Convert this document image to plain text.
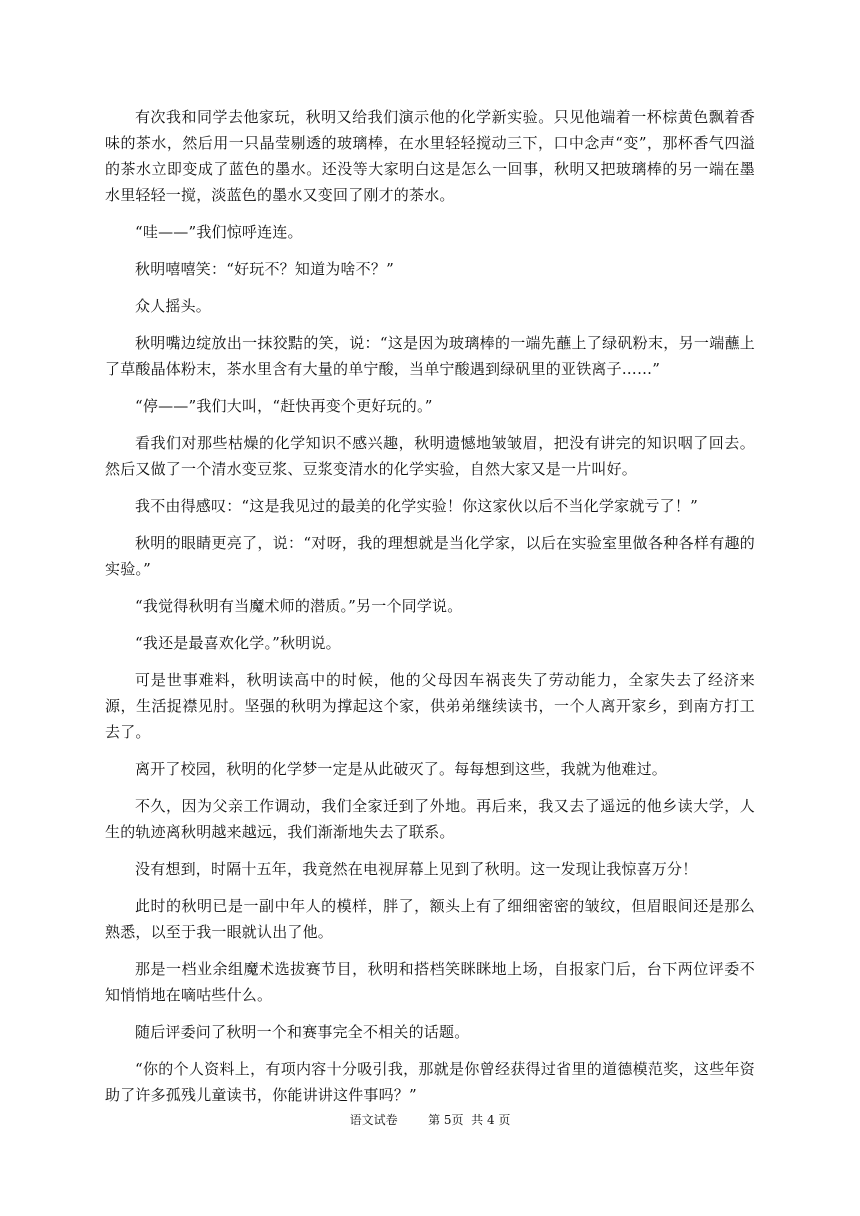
有次我和同学去他家玩，秋明又给我们演示他的化学新实验。只见他端着一杯棕黄色飘着香味的茶水，然后用一只晶莹剔透的玻璃棒，在水里轻轻搅动三下，口中念声“变”，那杯香气四溢的茶水立即变成了蓝色的墨水。还没等大家明白这是怎么一回事，秋明又把玻璃棒的另一端在墨水里轻轻一搅，淡蓝色的墨水又变回了刚才的茶水。

“哇——”我们惊呼连连。

秋明嘻嘻笑：“好玩不？知道为啥不？”

众人摇头。

秋明嘴边绽放出一抹狡黠的笑，说：“这是因为玻璃棒的一端先蘸上了绿矾粉末，另一端蘸上了草酸晶体粉末，茶水里含有大量的单宁酸，当单宁酸遇到绿矾里的亚铁离子……”

“停——”我们大叫，“赶快再变个更好玩的。”

看我们对那些枯燥的化学知识不感兴趣，秋明遗憾地皱皱眉，把没有讲完的知识咽了回去。然后又做了一个清水变豆浆、豆浆变清水的化学实验，自然大家又是一片叫好。

我不由得感叹：“这是我见过的最美的化学实验！你这家伙以后不当化学家就亏了！”

秋明的眼睛更亮了，说：“对呀，我的理想就是当化学家，以后在实验室里做各种各样有趣的实验。”

“我觉得秋明有当魔术师的潜质。”另一个同学说。

“我还是最喜欢化学。”秋明说。

可是世事难料，秋明读高中的时候，他的父母因车祸丧失了劳动能力，全家失去了经济来源，生活捉襟见肘。坚强的秋明为撑起这个家，供弟弟继续读书，一个人离开家乡，到南方打工去了。

离开了校园，秋明的化学梦一定是从此破灭了。每每想到这些，我就为他难过。

不久，因为父亲工作调动，我们全家迁到了外地。再后来，我又去了遥远的他乡读大学，人生的轨迹离秋明越来越远，我们渐渐地失去了联系。

没有想到，时隔十五年，我竟然在电视屏幕上见到了秋明。这一发现让我惊喜万分！

此时的秋明已是一副中年人的模样，胖了，额头上有了细细密密的皱纹，但眉眼间还是那么熟悉，以至于我一眼就认出了他。

那是一档业余组魔术选拔赛节目，秋明和搭档笑眯眯地上场，自报家门后，台下两位评委不知悄悄地在嘀咕些什么。

随后评委问了秋明一个和赛事完全不相关的话题。

“你的个人资料上，有项内容十分吸引我，那就是你曾经获得过省里的道德模范奖，这些年资助了许多孤残儿童读书，你能讲讲这件事吗？”

语文试卷        第 5页  共 4 页
